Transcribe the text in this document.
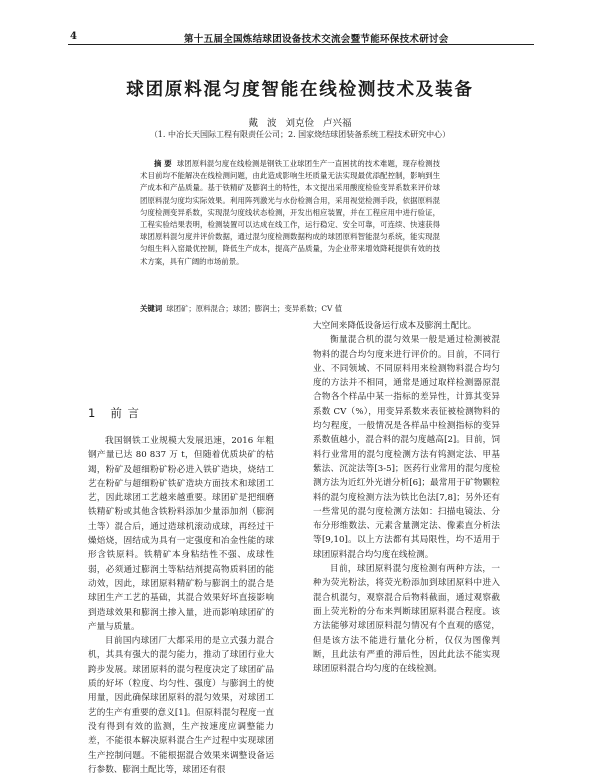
4	第十五届全国炼结球团设备技术交流会暨节能环保技术研讨会
球团原料混匀度智能在线检测技术及装备
戴 波 刘克俭 卢兴福
（1. 中冶长天国际工程有限责任公司；2. 国家烧结球团装备系统工程技术研究中心）
摘 要 球团原料混匀度在线检测是钢铁工业球团生产一直困扰的技术难题，现存检测技术目前均不能解决在线检测问题，由此造成影响生坯质量无法实现最优添配控制，影响到生产成本和产品质量。基于铁精矿及膨润土的特性，本文提出采用酸度检验变异系数来评价球团原料混匀度均实际效果。利用阵列激光与水份检测合用，采用视觉检测手段，依据原料混匀度检测变异系数，实现混匀度线状态检测，开发出相应装置，并在工程应用中进行验证，工程实验结果表明，检测装置可以达成在线工作，运行稳定、安全可靠，可连续、快速获得球团原料混匀度并评价数据，通过混匀度检测数据构成的球团原料智能混匀系统，能实现混匀组生料入窑最优控制，降低生产成本，提高产品质量，为企业带来增效降耗提供有效的技术方案，具有广阔的市场前景。
关键词 球团矿；原料混合；球团；膨润土；变异系数；CV 值
1 前 言

我国钢铁工业规模大发展迅速，2016 年粗钢产量已达 80 837 万 t，但随着优质块矿的枯竭，粉矿及超细粉矿粉必进入铁矿造块，烧结工艺在粉矿与超细粉矿铁矿造块方面技术和球团工艺，因此球团工艺越来越重要。球团矿是把细磨铁精矿粉或其他含铁粉料添加少量添加剂（膨润土等）混合后，通过造球机滚动成球，再经过干燥焙烧，固结成为具有一定强度和冶金性能的球形含铁原料。铁精矿本身粘结性不强、成球性弱，必须通过膨润土等粘结剂提高物质料团的能动效，因此，球团原料精矿粉与膨润土的混合是球团生产工艺的基础，其混合效果好坏直接影响到造球效果和膨润土掺入量，进而影响球团矿的产量与质量。

目前国内球团厂大都采用的是立式强力混合机，其具有强大的混匀能力，推动了球团行业大跨步发展。球团原料的混匀程度决定了球团矿品质的好坏（粒度、均匀性、强度）与膨润土的使用量，因此确保球团原料的混匀效果，对球团工艺的生产有重要的意义[1]。但原料混匀程度一直没有得到有效的监测，生产按速度应调整能力差，不能很本解决原料混合生产过程中实现球团生产控制问题。不能根据混合效果来调整设备运行参数、膨润土配比等，球团还有很

大空间来降低设备运行成本及膨润土配比。

衡量混合机的混匀效果一般是通过检测被混物料的混合均匀度来进行评价的。目前，不同行业、不同领域、不同原料用来检测物料混合均匀度的方法并不相同，通常是通过取样检测器原混合物各个样品中某一指标的差异性，计算其变异系数 CV（%），用变异系数来表征被检测物料的均匀程度，一般情况是各样品中检测指标的变异系数值越小，混合料的混匀度越高[2]。目前，饲料行业常用的混匀度检测方法有钨测定法、甲基紫法、沉淀法等[3-5]；医药行业常用的混匀度检测方法为近红外光谱分析[6]；最常用于矿物颗粒料的混匀度检测方法为铁比色法[7,8]；另外还有一些常见的混匀度检测方法如：扫描电镜法、分布分形维数法、元素含量测定法、像素直分析法等[9,10]。以上方法都有其局限性，均不适用于球团原料混合均匀度在线检测。

目前，球团原料混匀度检测有两种方法，一种为荧光粉法，将荧光粉添加到球团原料中进入混合机混匀，观察混合后物料截面，通过观察截面上荧光粉的分布来判断球团原料混合程度。该方法能够对球团原料混匀情况有个直观的感觉，但是该方法不能进行量化分析，仅仅为图像判断，且此法有严重的滞后性，因此此法不能实现球团原料混合均匀度的在线检测。
